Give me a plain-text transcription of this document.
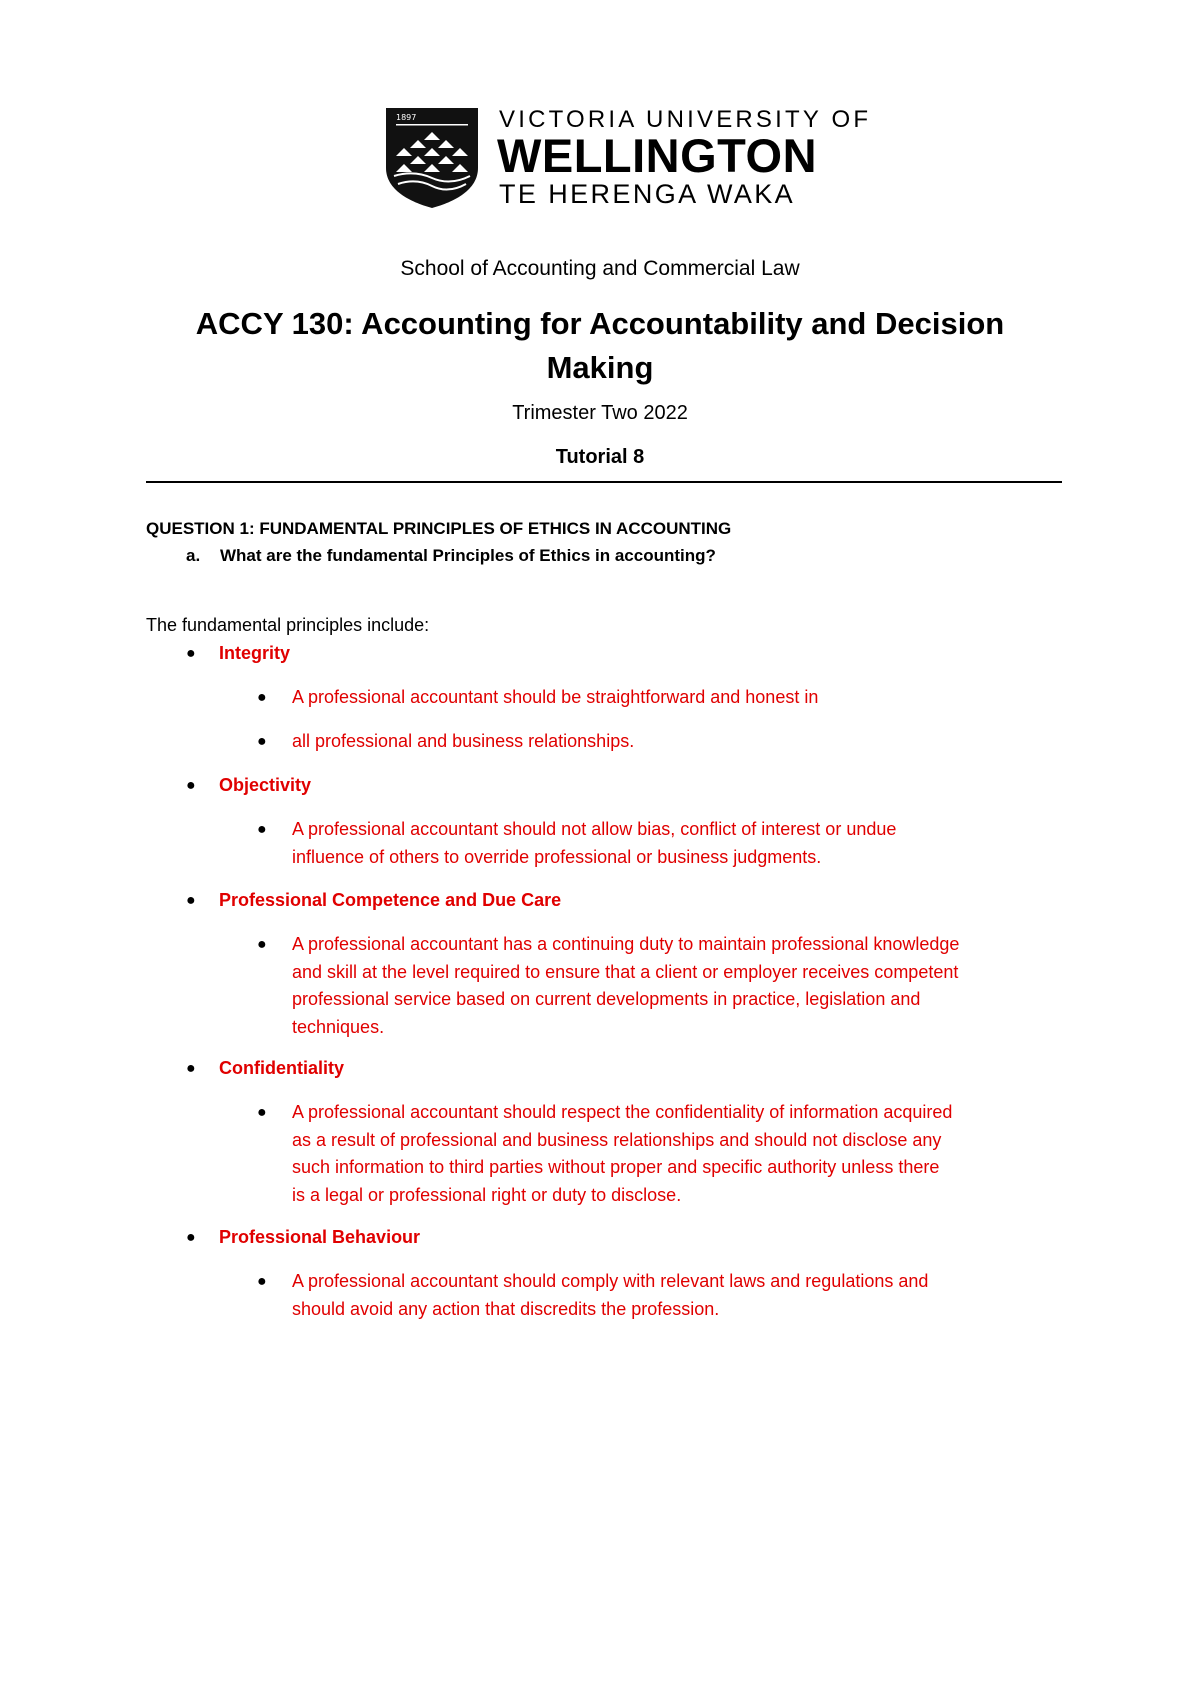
1897	VICTORIA UNIVERSITY OF
WELLINGTON
TE HERENGA WAKA
School of Accounting and Commercial Law
ACCY 130: Accounting for Accountability and Decision
Making
Trimester Two 2022
Tutorial 8
QUESTION 1: FUNDAMENTAL PRINCIPLES OF ETHICS IN ACCOUNTING
a. What are the fundamental Principles of Ethics in accounting?
The fundamental principles include:
● Integrity
● A professional accountant should be straightforward and honest in
● all professional and business relationships.
● Objectivity
● A professional accountant should not allow bias, conflict of interest or undue
influence of others to override professional or business judgments.
● Professional Competence and Due Care
● A professional accountant has a continuing duty to maintain professional knowledge
and skill at the level required to ensure that a client or employer receives competent
professional service based on current developments in practice, legislation and
techniques.
● Confidentiality
● A professional accountant should respect the confidentiality of information acquired
as a result of professional and business relationships and should not disclose any
such information to third parties without proper and specific authority unless there
is a legal or professional right or duty to disclose.
● Professional Behaviour
● A professional accountant should comply with relevant laws and regulations and
should avoid any action that discredits the profession.
